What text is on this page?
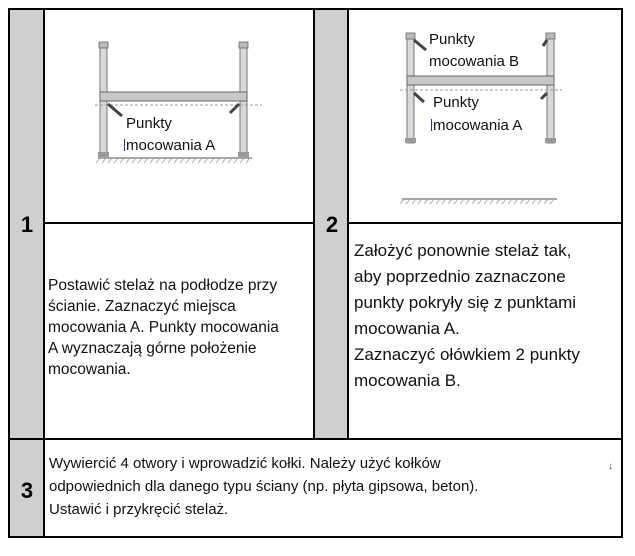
1	2
3
Punkty
mocowania A
Punkty
mocowania B
Punkty
mocowania A
Postawić stelaż na podłodze przy
ścianie. Zaznaczyć miejsca
mocowania A. Punkty mocowania
A wyznaczają górne położenie
mocowania.
Założyć ponownie stelaż tak,
aby poprzednio zaznaczone
punkty pokryły się z punktami
mocowania A.
Zaznaczyć ołówkiem 2 punkty
mocowania B.
Wywiercić 4 otwory i wprowadzić kołki. Należy użyć kołków
odpowiednich dla danego typu ściany (np. płyta gipsowa, beton).
Ustawić i przykręcić stelaż.
↓
